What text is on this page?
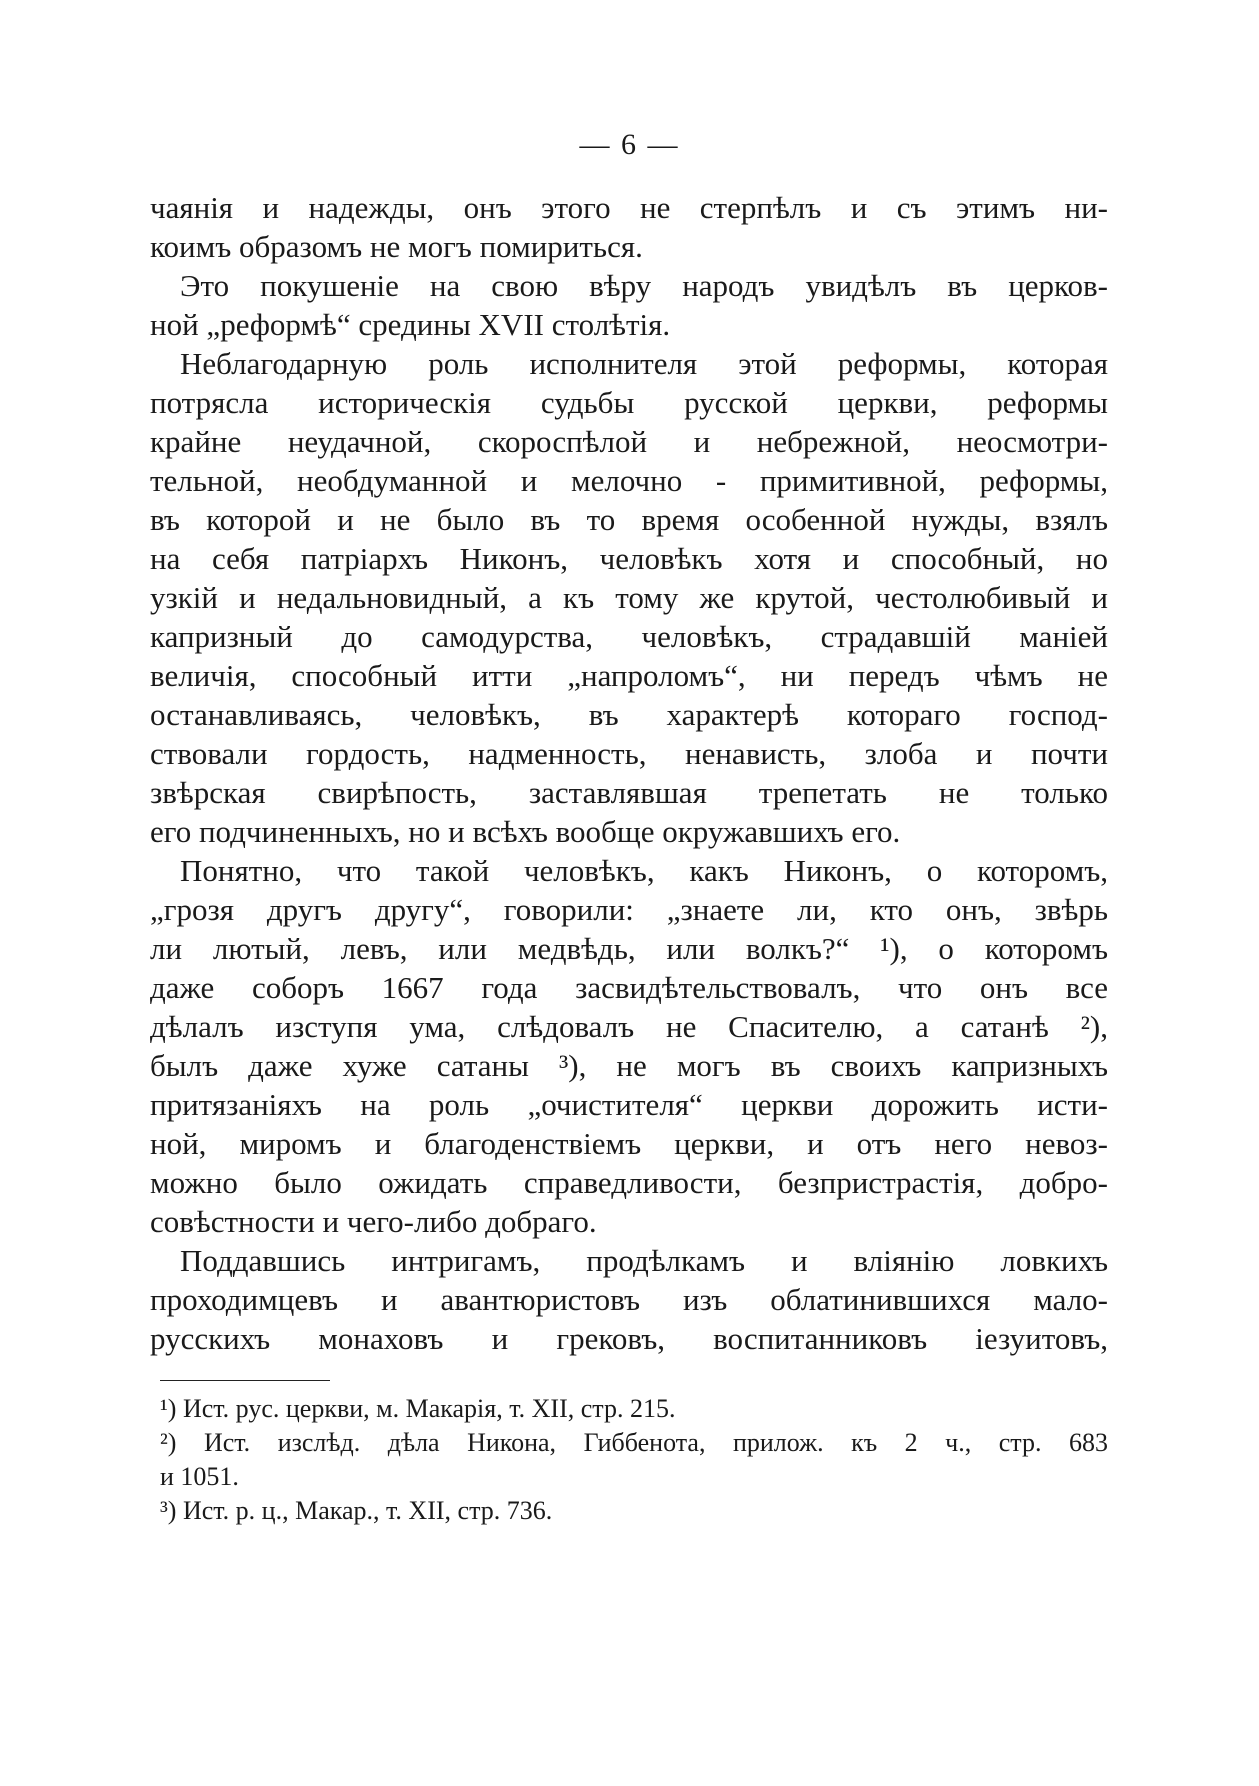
— 6 —
чаянія и надежды, онъ этого не стерпѣлъ и съ этимъ ни-
коимъ образомъ не могъ помириться.
Это покушеніе на свою вѣру народъ увидѣлъ въ церков-
ной „реформѣ“ средины XVII столѣтія.
Неблагодарную роль исполнителя этой реформы, которая
потрясла историческія судьбы русской церкви, реформы
крайне неудачной, скороспѣлой и небрежной, неосмотри-
тельной, необдуманной и мелочно - примитивной, реформы,
въ которой и не было въ то время особенной нужды, взялъ
на себя патріархъ Никонъ, человѣкъ хотя и способный, но
узкій и недальновидный, а къ тому же крутой, честолюбивый и
капризный до самодурства, человѣкъ, страдавшій маніей
величія, способный итти „напроломъ“, ни передъ чѣмъ не
останавливаясь, человѣкъ, въ характерѣ котораго господ-
ствовали гордость, надменность, ненависть, злоба и почти
звѣрская свирѣпость, заставлявшая трепетать не только
его подчиненныхъ, но и всѣхъ вообще окружавшихъ его.
Понятно, что такой человѣкъ, какъ Никонъ, о которомъ,
„грозя другъ другу“, говорили: „знаете ли, кто онъ, звѣрь
ли лютый, левъ, или медвѣдь, или волкъ?“ ¹), о которомъ
даже соборъ 1667 года засвидѣтельствовалъ, что онъ все
дѣлалъ изступя ума, слѣдовалъ не Спасителю, а сатанѣ ²),
былъ даже хуже сатаны ³), не могъ въ своихъ капризныхъ
притязаніяхъ на роль „очистителя“ церкви дорожить исти-
ной, миромъ и благоденствіемъ церкви, и отъ него невоз-
можно было ожидать справедливости, безпристрастія, добро-
совѣстности и чего-либо добраго.
Поддавшись интригамъ, продѣлкамъ и вліянію ловкихъ
проходимцевъ и авантюристовъ изъ облатинившихся мало-
русскихъ монаховъ и грековъ, воспитанниковъ іезуитовъ,
¹) Ист. рус. церкви, м. Макарія, т. XII, стр. 215.
²) Ист. изслѣд. дѣла Никона, Гиббенота, прилож. къ 2 ч., стр. 683
и 1051.
³) Ист. р. ц., Макар., т. XII, стр. 736.
